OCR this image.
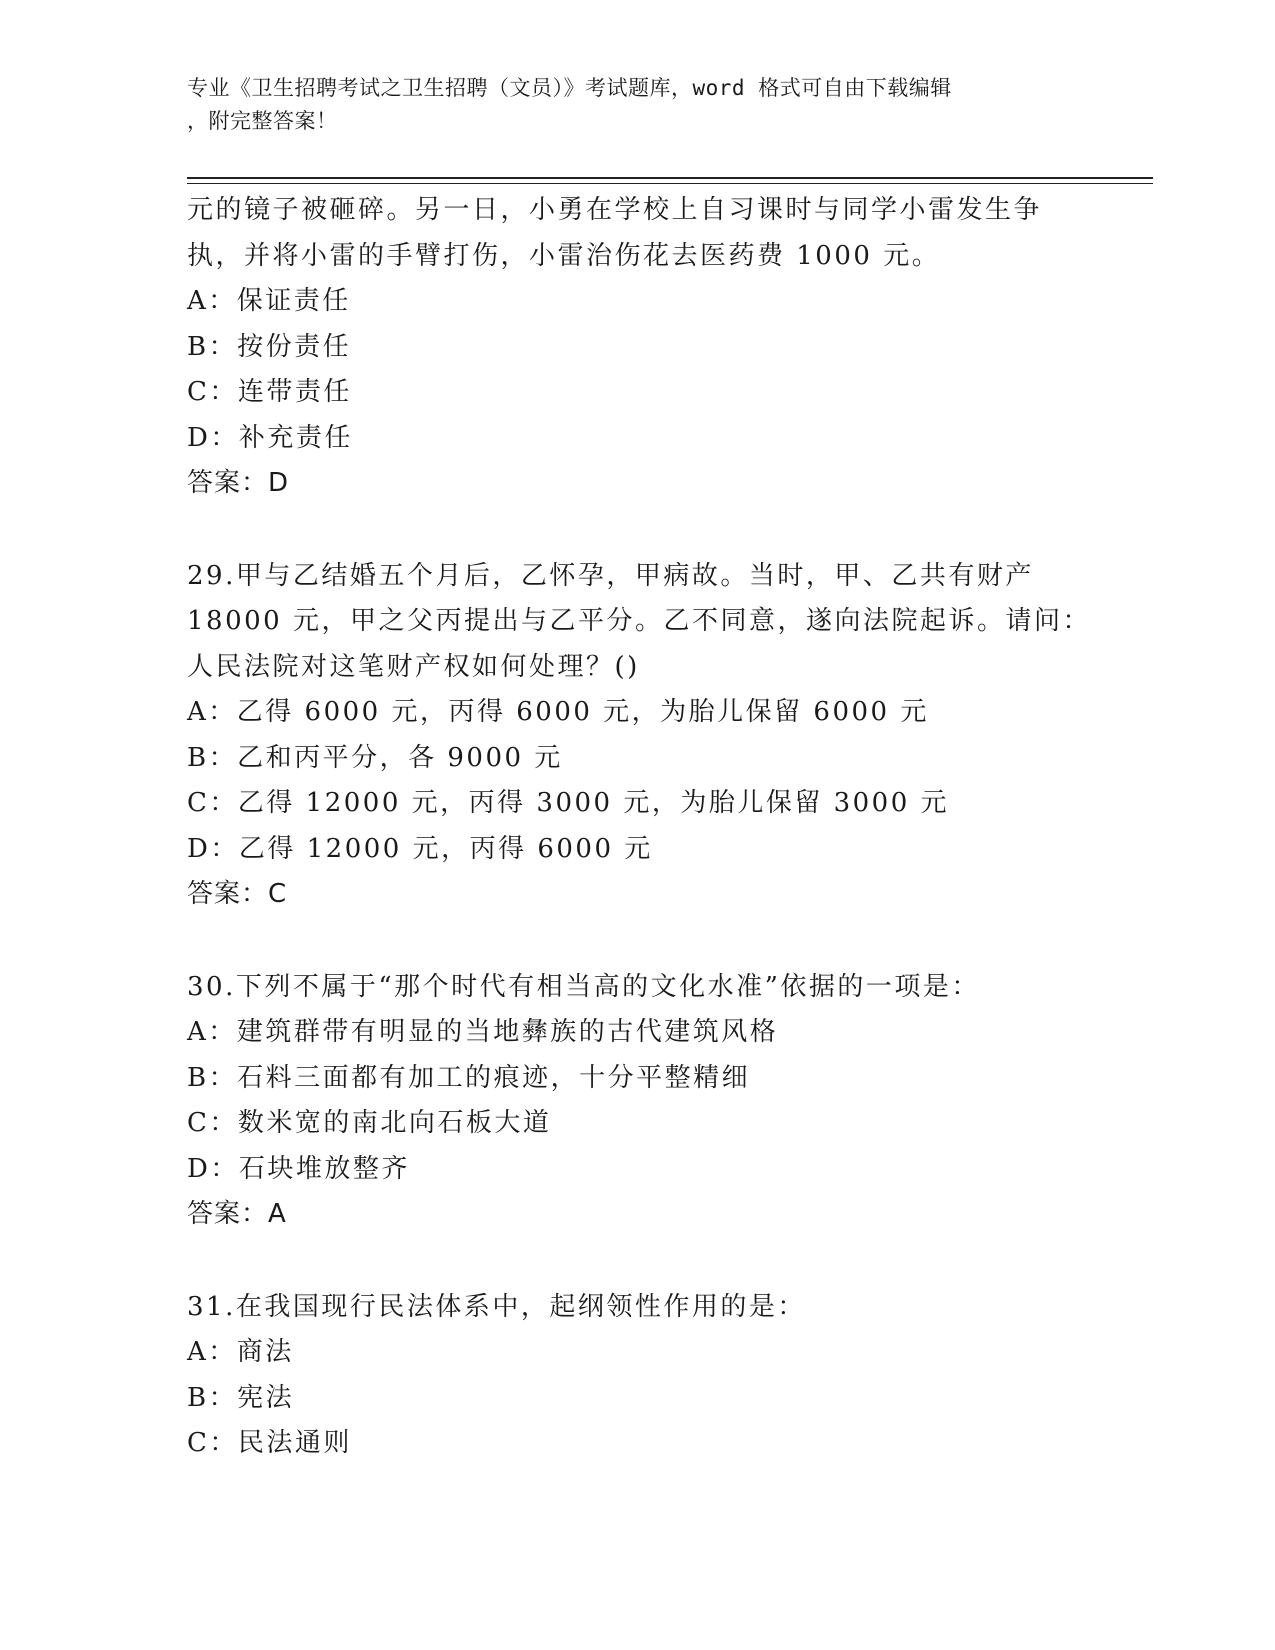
专业《卫生招聘考试之卫生招聘（文员）》考试题库，word 格式可自由下载编辑
，附完整答案！
元的镜子被砸碎。另一日，小勇在学校上自习课时与同学小雷发生争
执，并将小雷的手臂打伤，小雷治伤花去医药费 1000 元。
A：保证责任
B：按份责任
C：连带责任
D：补充责任
答案：D
29.甲与乙结婚五个月后，乙怀孕，甲病故。当时，甲、乙共有财产
18000 元，甲之父丙提出与乙平分。乙不同意，遂向法院起诉。请问：
人民法院对这笔财产权如何处理？()
A：乙得 6000 元，丙得 6000 元，为胎儿保留 6000 元
B：乙和丙平分，各 9000 元
C：乙得 12000 元，丙得 3000 元，为胎儿保留 3000 元
D：乙得 12000 元，丙得 6000 元
答案：C
30.下列不属于“那个时代有相当高的文化水准”依据的一项是：
A：建筑群带有明显的当地彝族的古代建筑风格
B：石料三面都有加工的痕迹，十分平整精细
C：数米宽的南北向石板大道
D：石块堆放整齐
答案：A
31.在我国现行民法体系中，起纲领性作用的是：
A：商法
B：宪法
C：民法通则
